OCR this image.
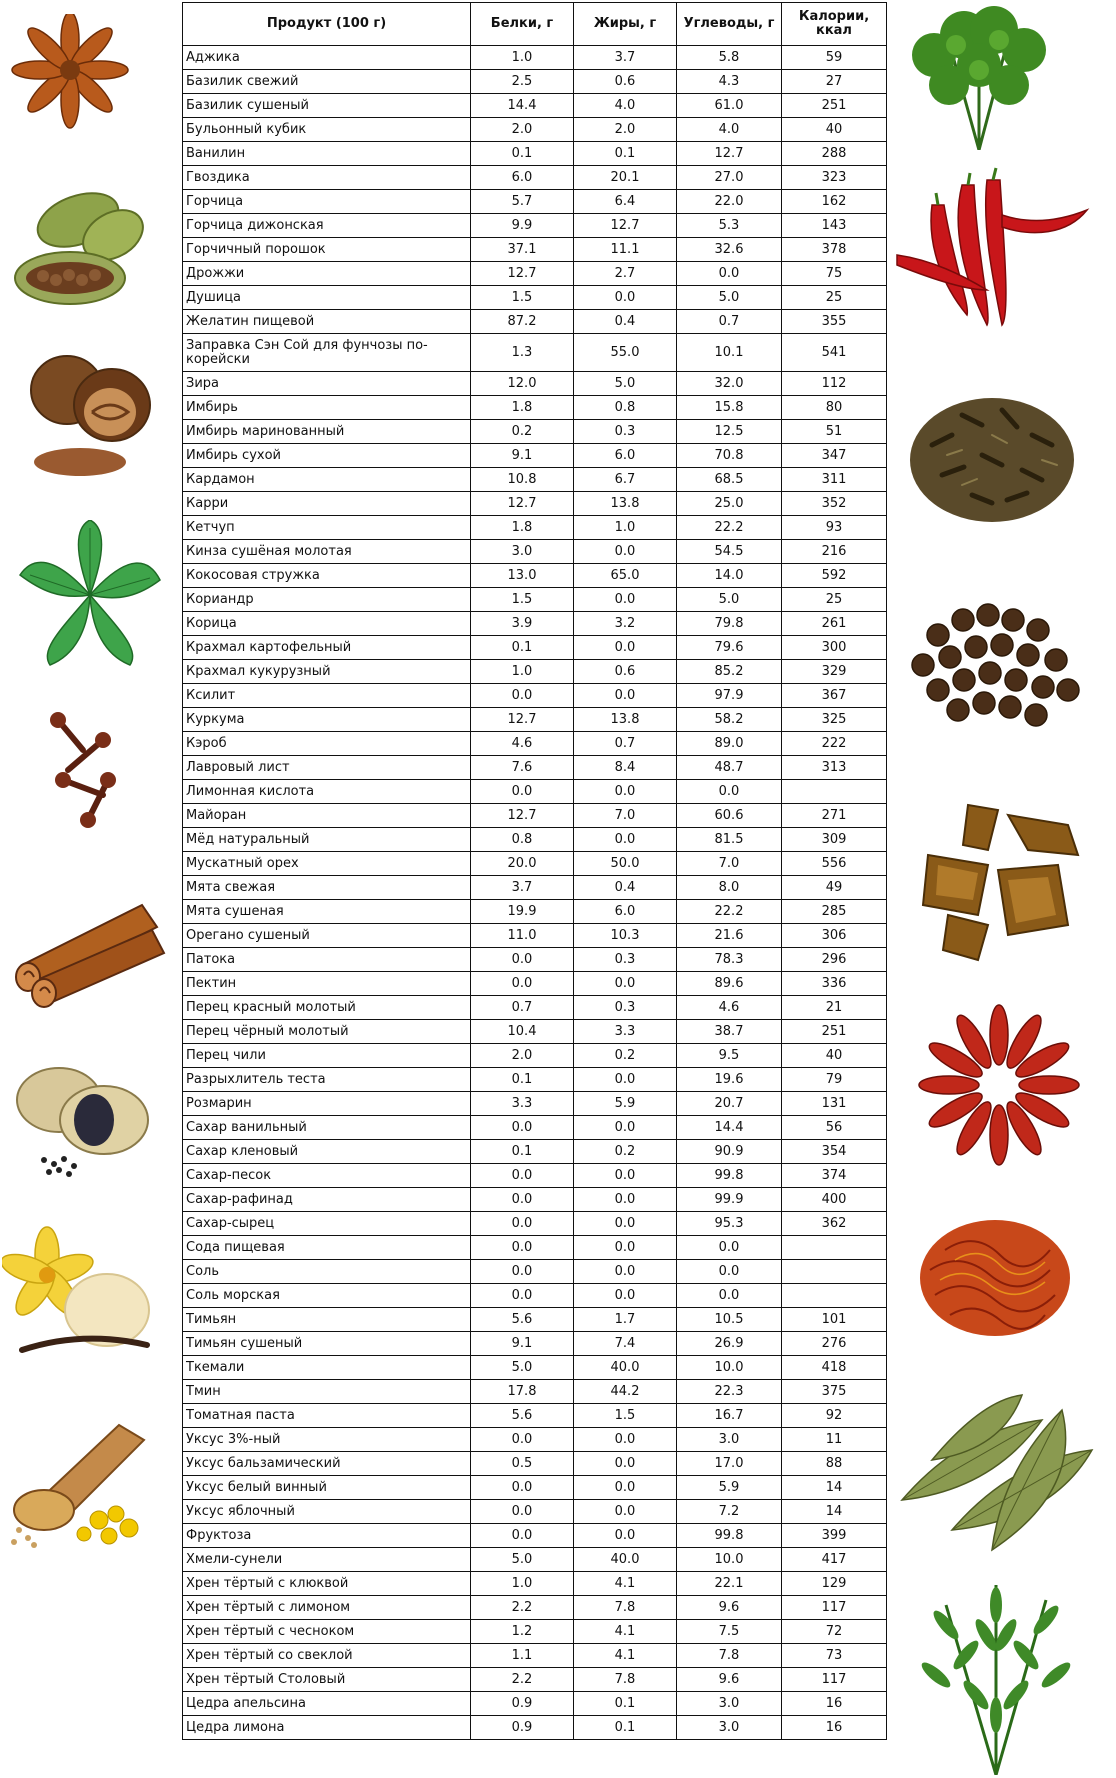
Продукт (100 г)	Белки, г	Жиры, г	Углеводы, г	Калории, ккал
Аджика	1.0	3.7	5.8	59
Базилик свежий	2.5	0.6	4.3	27
Базилик сушеный	14.4	4.0	61.0	251
Бульонный кубик	2.0	2.0	4.0	40
Ванилин	0.1	0.1	12.7	288
Гвоздика	6.0	20.1	27.0	323
Горчица	5.7	6.4	22.0	162
Горчица дижонская	9.9	12.7	5.3	143
Горчичный порошок	37.1	11.1	32.6	378
Дрожжи	12.7	2.7	0.0	75
Душица	1.5	0.0	5.0	25
Желатин пищевой	87.2	0.4	0.7	355
Заправка Сэн Сой для фунчозы по-корейски	1.3	55.0	10.1	541
Зира	12.0	5.0	32.0	112
Имбирь	1.8	0.8	15.8	80
Имбирь маринованный	0.2	0.3	12.5	51
Имбирь сухой	9.1	6.0	70.8	347
Кардамон	10.8	6.7	68.5	311
Карри	12.7	13.8	25.0	352
Кетчуп	1.8	1.0	22.2	93
Кинза сушёная молотая	3.0	0.0	54.5	216
Кокосовая стружка	13.0	65.0	14.0	592
Кориандр	1.5	0.0	5.0	25
Корица	3.9	3.2	79.8	261
Крахмал картофельный	0.1	0.0	79.6	300
Крахмал кукурузный	1.0	0.6	85.2	329
Ксилит	0.0	0.0	97.9	367
Куркума	12.7	13.8	58.2	325
Кэроб	4.6	0.7	89.0	222
Лавровый лист	7.6	8.4	48.7	313
Лимонная кислота	0.0	0.0	0.0	
Майоран	12.7	7.0	60.6	271
Мёд натуральный	0.8	0.0	81.5	309
Мускатный орех	20.0	50.0	7.0	556
Мята свежая	3.7	0.4	8.0	49
Мята сушеная	19.9	6.0	22.2	285
Орегано сушеный	11.0	10.3	21.6	306
Патока	0.0	0.3	78.3	296
Пектин	0.0	0.0	89.6	336
Перец красный молотый	0.7	0.3	4.6	21
Перец чёрный молотый	10.4	3.3	38.7	251
Перец чили	2.0	0.2	9.5	40
Разрыхлитель теста	0.1	0.0	19.6	79
Розмарин	3.3	5.9	20.7	131
Сахар ванильный	0.0	0.0	14.4	56
Сахар кленовый	0.1	0.2	90.9	354
Сахар-песок	0.0	0.0	99.8	374
Сахар-рафинад	0.0	0.0	99.9	400
Сахар-сырец	0.0	0.0	95.3	362
Сода пищевая	0.0	0.0	0.0	
Соль	0.0	0.0	0.0	
Соль морская	0.0	0.0	0.0	
Тимьян	5.6	1.7	10.5	101
Тимьян сушеный	9.1	7.4	26.9	276
Ткемали	5.0	40.0	10.0	418
Тмин	17.8	44.2	22.3	375
Томатная паста	5.6	1.5	16.7	92
Уксус 3%-ный	0.0	0.0	3.0	11
Уксус бальзамический	0.5	0.0	17.0	88
Уксус белый винный	0.0	0.0	5.9	14
Уксус яблочный	0.0	0.0	7.2	14
Фруктоза	0.0	0.0	99.8	399
Хмели-сунели	5.0	40.0	10.0	417
Хрен тёртый с клюквой	1.0	4.1	22.1	129
Хрен тёртый с лимоном	2.2	7.8	9.6	117
Хрен тёртый с чесноком	1.2	4.1	7.5	72
Хрен тёртый со свеклой	1.1	4.1	7.8	73
Хрен тёртый Столовый	2.2	7.8	9.6	117
Цедра апельсина	0.9	0.1	3.0	16
Цедра лимона	0.9	0.1	3.0	16
